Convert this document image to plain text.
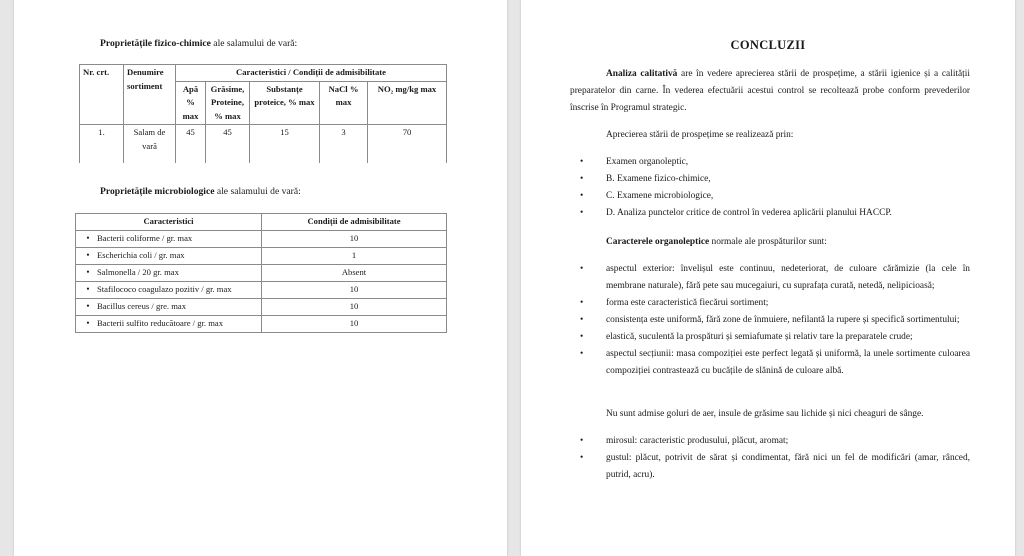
Proprietățile fizico-chimice ale salamului de vară:
Nr. crt.	Denumire sortiment	Caracteristici / Condiții de admisibilitate				
		Apă % max	Grăsime, Proteine, % max	Substanțe proteice, % max	NaCl % max	NO₂ mg/kg max
1.	Salam de vară	45	45	15	3	70
Proprietățile microbiologice ale salamului de vară:
Caracteristici	Condiții de admisibilitate

• Bacterii coliforme / gr. max	10

• Escherichia coli / gr. max	1

• Salmonella / 20 gr. max	Absent

• Stafilococo coagulazo pozitiv / gr. max	10

• Bacillus cereus / gre. max	10

• Bacterii sulfito reducătoare / gr. max	10
CONCLUZII
Analiza calitativă are în vedere aprecierea stării de prospețime, a stării igienice și a calității preparatelor din carne. În vederea efectuării acestui control se recoltează probe conform prevederilor înscrise în Programul strategic.
Aprecierea stării de prospețime se realizează prin:
• Examen organoleptic,
• B. Examene fizico-chimice,
• C. Examene microbiologice,
• D. Analiza punctelor critice de control în vederea aplicării planului HACCP.
Caracterele organoleptice normale ale prospăturilor sunt:
• aspectul exterior: învelișul este continuu, nedeteriorat, de culoare cărămizie (la cele în membrane naturale), fără pete sau mucegaiuri, cu suprafața curată, netedă, nelipicioasă;
• forma este caracteristică fiecărui sortiment;
• consistența este uniformă, fără zone de înmuiere, nefilantă la rupere și specifică sortimentului;
• elastică, suculentă la prospături și semiafumate și relativ tare la preparatele crude;
• aspectul secțiunii: masa compoziției este perfect legată și uniformă, la unele sortimente culoarea compoziției contrastează cu bucățile de slănină de culoare albă.
Nu sunt admise goluri de aer, insule de grăsime sau lichide și nici cheaguri de sânge.
• mirosul: caracteristic produsului, plăcut, aromat;
• gustul: plăcut, potrivit de sărat și condimentat, fără nici un fel de modificări (amar, rânced, putrid, acru).
